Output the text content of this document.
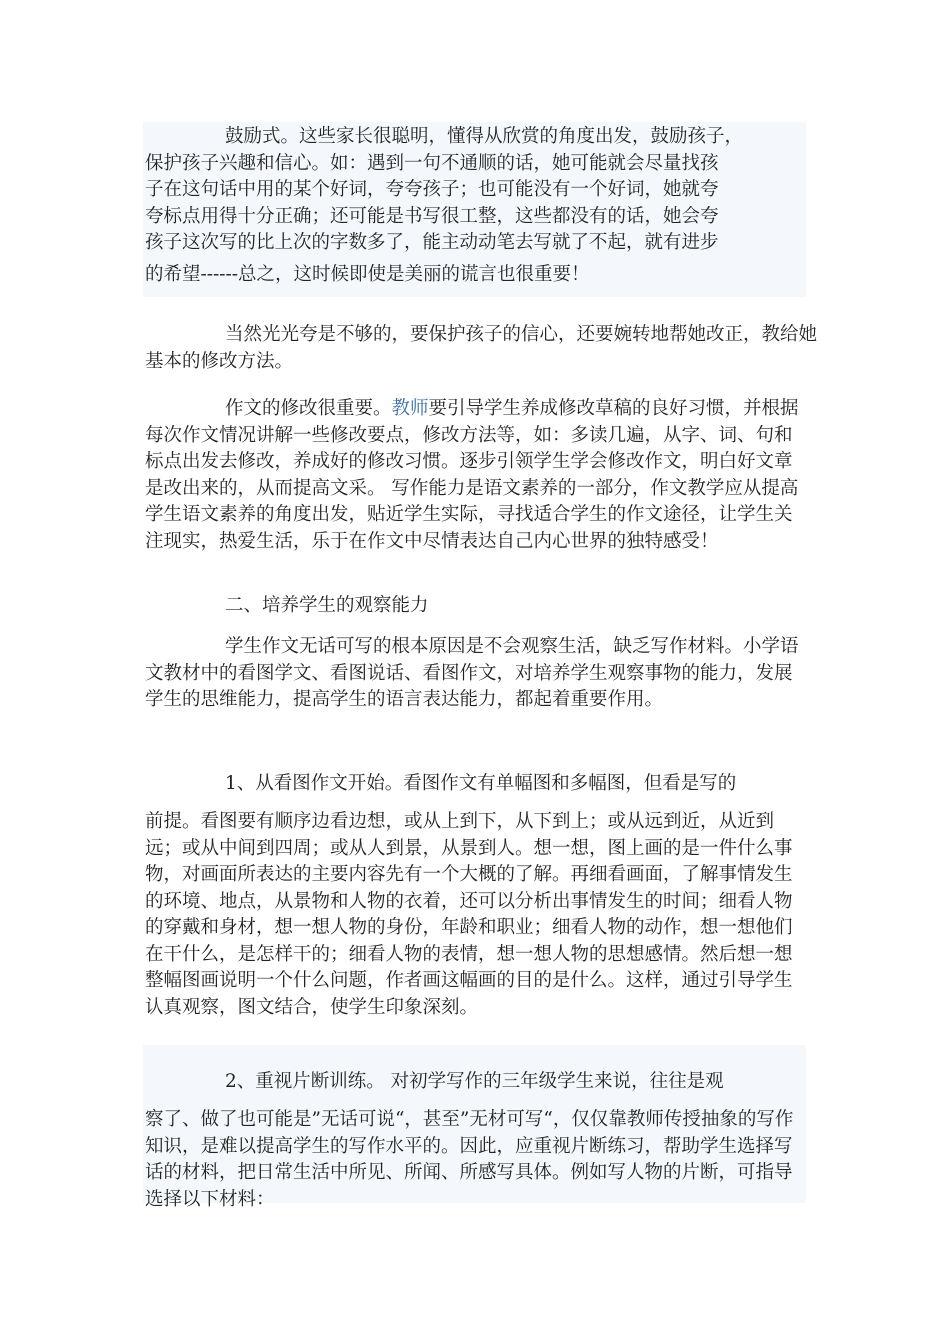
鼓励式。这些家长很聪明，懂得从欣赏的角度出发，鼓励孩子，
保护孩子兴趣和信心。如：遇到一句不通顺的话，她可能就会尽量找孩
子在这句话中用的某个好词，夸夸孩子；也可能没有一个好词，她就夸
夸标点用得十分正确；还可能是书写很工整，这些都没有的话，她会夸
孩子这次写的比上次的字数多了，能主动动笔去写就了不起，就有进步

的希望------总之，这时候即使是美丽的谎言也很重要！

当然光光夸是不够的，要保护孩子的信心，还要婉转地帮她改正，教给她基本的修改方法。

作文的修改很重要。教师要引导学生养成修改草稿的良好习惯，并根据每次作文情况讲解一些修改要点，修改方法等，如：多读几遍，从字、词、句和标点出发去修改，养成好的修改习惯。逐步引领学生学会修改作文，明白好文章是改出来的，从而提高文采。 写作能力是语文素养的一部分，作文教学应从提高学生语文素养的角度出发，贴近学生实际，寻找适合学生的作文途径，让学生关注现实，热爱生活，乐于在作文中尽情表达自己内心世界的独特感受！

二、培养学生的观察能力

学生作文无话可写的根本原因是不会观察生活，缺乏写作材料。小学语文教材中的看图学文、看图说话、看图作文，对培养学生观察事物的能力，发展学生的思维能力，提高学生的语言表达能力，都起着重要作用。

1、从看图作文开始。看图作文有单幅图和多幅图，但看是写的

前提。看图要有顺序边看边想，或从上到下，从下到上；或从远到近，从近到远；或从中间到四周；或从人到景，从景到人。想一想，图上画的是一件什么事物，对画面所表达的主要内容先有一个大概的了解。再细看画面，了解事情发生的环境、地点，从景物和人物的衣着，还可以分析出事情发生的时间；细看人物的穿戴和身材，想一想人物的身份，年龄和职业；细看人物的动作，想一想他们在干什么，是怎样干的；细看人物的表情，想一想人物的思想感情。然后想一想整幅图画说明一个什么问题，作者画这幅画的目的是什么。这样，通过引导学生认真观察，图文结合，使学生印象深刻。

2、重视片断训练。 对初学写作的三年级学生来说，往往是观

察了、做了也可能是”无话可说“，甚至”无材可写“，仅仅靠教师传授抽象的写作知识，是难以提高学生的写作水平的。因此，应重视片断练习，帮助学生选择写话的材料，把日常生活中所见、所闻、所感写具体。例如写人物的片断，可指导选择以下材料：
